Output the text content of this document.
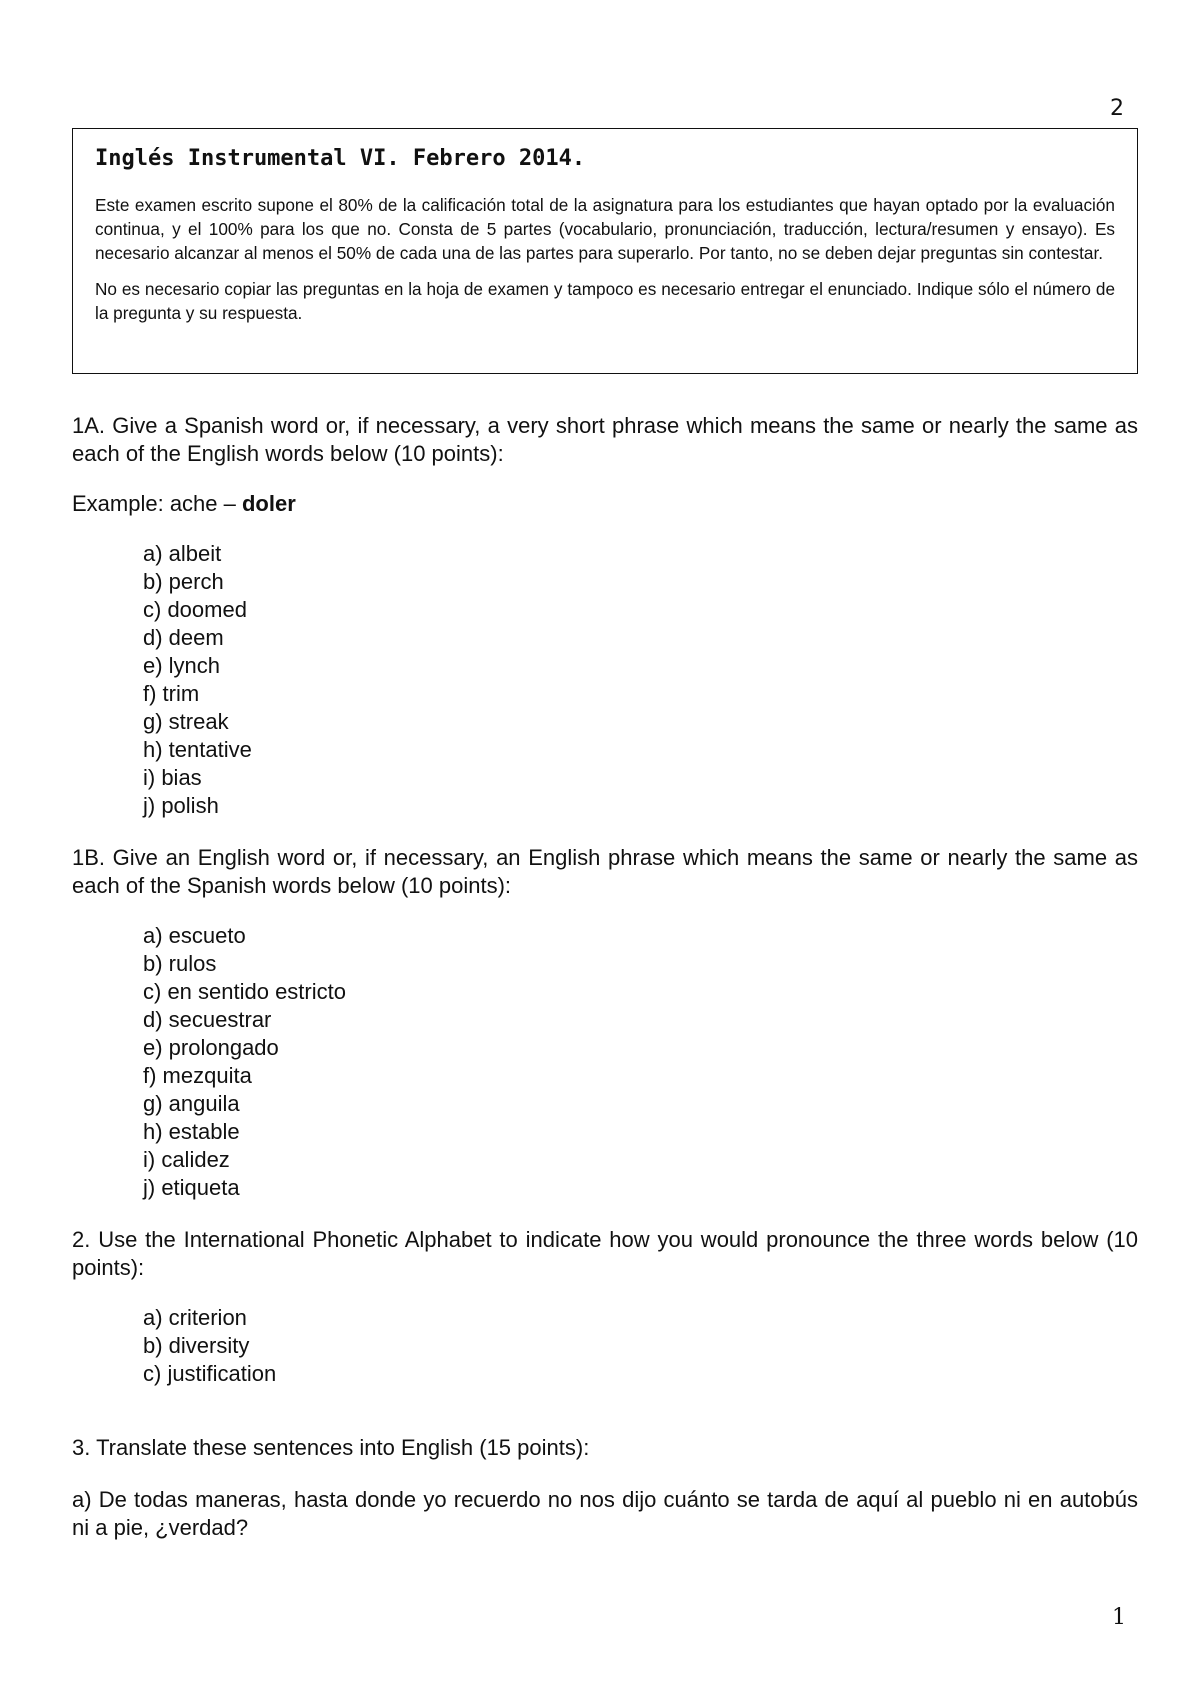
2
Inglés Instrumental VI. Febrero 2014.

Este examen escrito supone el 80% de la calificación total de la asignatura para los estudiantes que hayan optado por la evaluación continua, y el 100% para los que no. Consta de 5 partes (vocabulario, pronunciación, traducción, lectura/resumen y ensayo). Es necesario alcanzar al menos el 50% de cada una de las partes para superarlo. Por tanto, no se deben dejar preguntas sin contestar.

No es necesario copiar las preguntas en la hoja de examen y tampoco es necesario entregar el enunciado. Indique sólo el número de la pregunta y su respuesta.

1A. Give a Spanish word or, if necessary, a very short phrase which means the same or nearly the same as each of the English words below (10 points):

Example: ache – doler

a) albeit
b) perch
c) doomed
d) deem
e) lynch
f) trim
g) streak
h) tentative
i) bias
j) polish

1B. Give an English word or, if necessary, an English phrase which means the same or nearly the same as each of the Spanish words below (10 points):

a) escueto
b) rulos
c) en sentido estricto
d) secuestrar
e) prolongado
f) mezquita
g) anguila
h) estable
i) calidez
j) etiqueta

2. Use the International Phonetic Alphabet to indicate how you would pronounce the three words below (10 points):

a) criterion
b) diversity
c) justification

3. Translate these sentences into English (15 points):

a) De todas maneras, hasta donde yo recuerdo no nos dijo cuánto se tarda de aquí al pueblo ni en autobús ni a pie, ¿verdad?

1
